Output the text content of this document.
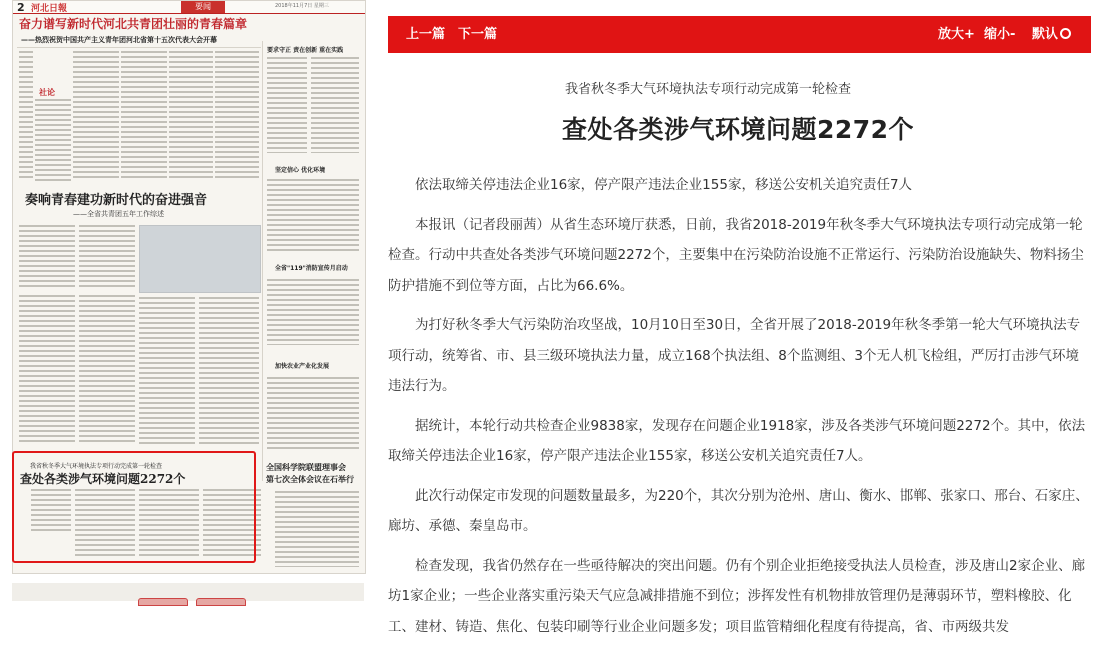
2 河北日報	要闻	2018年11月7日 星期三
奋力谱写新时代河北共青团壮丽的青春篇章
——热烈祝贺中国共产主义青年团河北省第十五次代表大会开幕
社论
奏响青春建功新时代的奋进强音
——全省共青团五年工作综述
要求守正 责在创新 重在实践
坚定信心 优化环境
全省"119"消防宣传月启动
加快农业产业化发展
我省秋冬季大气环境执法专项行动完成第一轮检查
查处各类涉气环境问题2272个
全国科学院联盟理事会
第七次全体会议在石举行
上一篇 下一篇	放大+ 缩小- 默认
我省秋冬季大气环境执法专项行动完成第一轮检查
查处各类涉气环境问题2272个

依法取缔关停违法企业16家，停产限产违法企业155家，移送公安机关追究责任7人

本报讯（记者段丽茜）从省生态环境厅获悉，日前，我省2018-2019年秋冬季大气环境执法专项行动完成第一轮检查。行动中共查处各类涉气环境问题2272个，主要集中在污染防治设施不正常运行、污染防治设施缺失、物料扬尘防护措施不到位等方面，占比为66.6%。

为打好秋冬季大气污染防治攻坚战，10月10日至30日，全省开展了2018-2019年秋冬季第一轮大气环境执法专项行动，统筹省、市、县三级环境执法力量，成立168个执法组、8个监测组、3个无人机飞检组，严厉打击涉气环境违法行为。

据统计，本轮行动共检查企业9838家，发现存在问题企业1918家，涉及各类涉气环境问题2272个。其中，依法取缔关停违法企业16家，停产限产违法企业155家，移送公安机关追究责任7人。

此次行动保定市发现的问题数量最多，为220个，其次分别为沧州、唐山、衡水、邯郸、张家口、邢台、石家庄、廊坊、承德、秦皇岛市。

检查发现，我省仍然存在一些亟待解决的突出问题。仍有个别企业拒绝接受执法人员检查，涉及唐山2家企业、廊坊1家企业；一些企业落实重污染天气应急减排措施不到位；涉挥发性有机物排放管理仍是薄弱环节，塑料橡胶、化工、建材、铸造、焦化、包装印刷等行业企业问题多发；项目监管精细化程度有待提高，省、市两级共发
